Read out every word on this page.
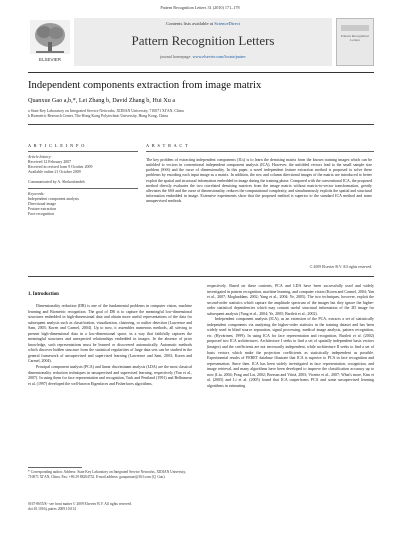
Pattern Recognition Letters 31 (2010) 171–178
ELSEVIER
Contents lists available at ScienceDirect
Pattern Recognition Letters
journal homepage: www.elsevier.com/locate/patrec
Pattern Recognition Letters
Independent components extraction from image matrix
Quanxue Gao a,b,*, Lei Zhang b, David Zhang b, Hui Xu a
a State Key Laboratory on Integrated Service Networks, XIDIAN University, 710071 XI'AN, China
b Biometric Research Center, The Hong Kong Polytechnic University, Hong Kong, China
A R T I C L E I N F O
Article history:
Received 12 February 2007
Received in revised form 9 October 2009
Available online 21 October 2009
Communicated by A. Shokoufandeh
Keywords:
Independent component analysis
Directional image
Feature extraction
Face recognition
A B S T R A C T
The key problem of extracting independent components (ICs) is to learn the demixing matrix from the known training images which can be unfolded to vectors in conventional independent component analysis (ICA). However, the unfolded vectors lead to the small sample size problem (SSS) and the curse of dimensionality. In this paper, a novel independent feature extraction method is proposed to solve these problems by encoding each input image as a matrix. In addition, the row and column directional images of the matrix are introduced to better exploit the spatial and structural information embedded in image during the training phase. Compared with the conventional ICA, the proposed method directly evaluates the two correlated demixing matrices from the image matrix without matrix-to-vector transformation, greatly alleviates the SSS and the curse of dimensionality, reduces the computational complexity, and simultaneously exploits the spatial and structural information embedded in image. Extensive experiments show that the proposed method is superior to the standard ICA method and some unsupervised methods.
© 2009 Elsevier B.V. All rights reserved.
1. Introduction

Dimensionality reduction (DR) is one of the fundamental problems in computer vision, machine learning and Biometric recognition. The goal of DR is to capture the meaningful low-dimensional structures embedded in high-dimensional data and obtain more useful representations of the data for subsequent analysis such as classification, visualization, clustering, or outlier detection (Lawrence and Sam, 2003; Koren and Carmel, 2004). Up to now, it assembles numerous methods, all striving to present high-dimensional data in a low-dimensional space, in a way that faithfully captures the meaningful structures and unexpected relationships embedded in images. In the absence of prior knowledge, such representations must be learned or discovered automatically. Automatic methods which discover hidden structure from the statistical regularities of large data sets can be studied in the general framework of unsupervised and supervised learning (Lawrence and Sam, 2003; Koren and Carmel, 2004).

Principal component analysis (PCA) and linear discriminant analysis (LDA) are the most classical dimensionality reduction techniques in unsupervised and supervised learning, respectively (Yan et al., 2007). In using them for face representation and recognition, Turk and Pentland (1991) and Belhumeur et al. (1997) developed the well-known Eigenfaces and Fisherfaces algorithms,

respectively. Based on these contents, PCA and LDA have been successfully used and widely investigated in pattern recognition, machine learning, and computer vision (Koren and Carmel, 2004; Yan et al., 2007; Moghaddam, 2002; Yang et al., 2004; Ye, 2005). The two techniques, however, exploit the second-order statistics which capture the amplitude spectrum of the images but they ignore the higher-order statistical dependencies which may contain useful structural information of the 2D image for subsequent analysis (Yang et al., 2004; Ye, 2005; Bartlett et al., 2002).

Independent component analysis (ICA), as an extension of the PCA, extracts a set of statistically independent components via analyzing the higher-order statistics in the training dataset and has been widely used in blind source separation, signal processing, medical image analysis, pattern recognition, etc. (Hyvärinen, 1999). In using ICA for face representation and recognition, Bartlett et al. (2002) proposed two ICA architectures. Architecture I seeks to find a set of spatially independent basis vectors (images) and the coefficients are not necessarily independent, while architecture II seeks to find a set of basis vectors which make the projection coefficients as statistically independent as possible. Experimental results of FERET database illustrate that ICA is superior to PCA in face recognition and representation. Since then, ICA has been widely investigated in face representation, recognition, and image retrieval, and many algorithms have been developed to improve the classification accuracy up to now (Liu, 2004; Pong and Lai, 2002; Bressan and Vitrià, 2003; Vicente et al., 2007; What's more, Kim et al. (2005) and Li et al. (2005) found that ICA outperforms PCA and some unsupervised learning algorithms in estimating

* Corresponding author. Address: State Key Laboratory on Integrated Service Networks, XIDIAN University, 710071 XI'AN, China. Fax: +86 29 88204752. E-mail address: gaoqunxue@163.com (Q. Gao).
0167-8655/$ - see front matter © 2009 Elsevier B.V. All rights reserved.
doi:10.1016/j.patrec.2009.10.014
